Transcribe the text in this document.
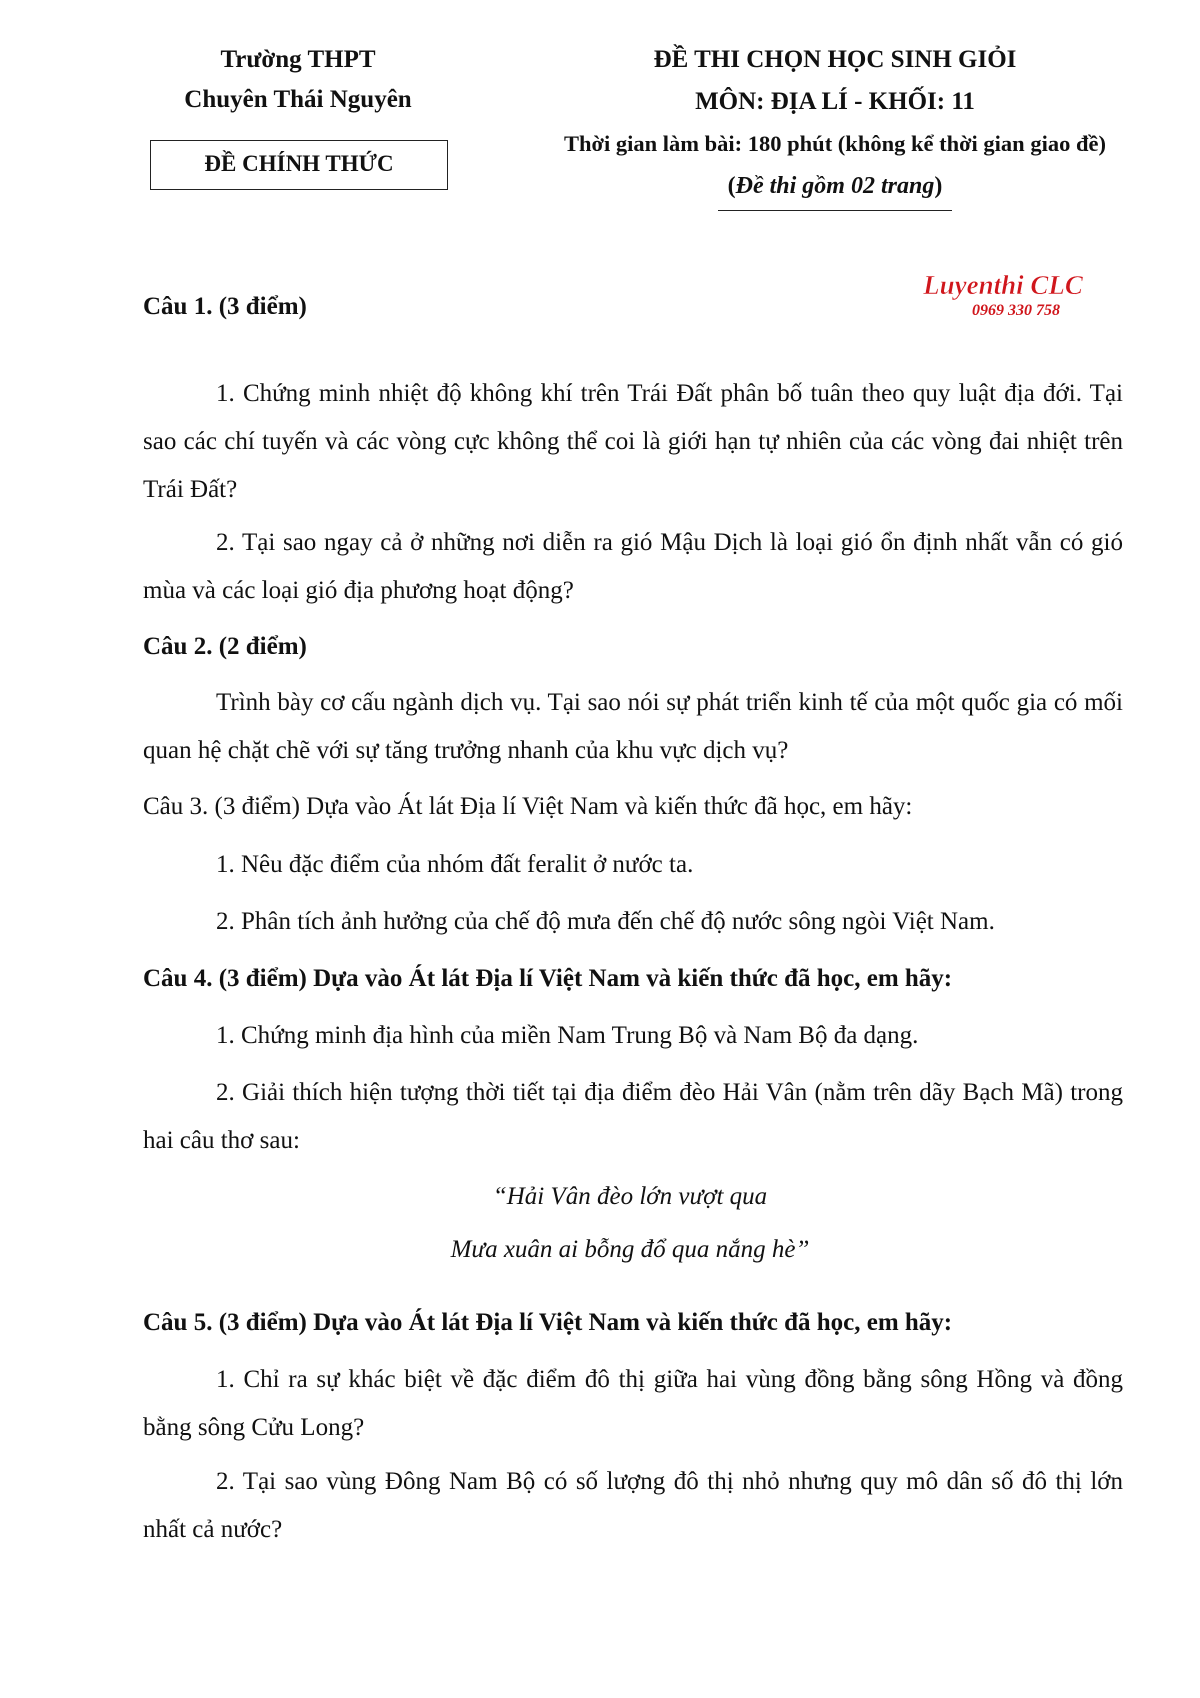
Trường THPT
Chuyên Thái Nguyên
ĐỀ CHÍNH THỨC
ĐỀ THI CHỌN HỌC SINH GIỎI
MÔN: ĐỊA LÍ - KHỐI: 11
Thời gian làm bài: 180 phút (không kể thời gian giao đề)
(Đề thi gồm 02 trang)
Luyenthi CLC
0969 330 758
Câu 1. (3 điểm)
1. Chứng minh nhiệt độ không khí trên Trái Đất phân bố tuân theo quy luật địa đới. Tại sao các chí tuyến và các vòng cực không thể coi là giới hạn tự nhiên của các vòng đai nhiệt trên Trái Đất?
2. Tại sao ngay cả ở những nơi diễn ra gió Mậu Dịch là loại gió ổn định nhất vẫn có gió mùa và các loại gió địa phương hoạt động?
Câu 2. (2 điểm)
Trình bày cơ cấu ngành dịch vụ. Tại sao nói sự phát triển kinh tế của một quốc gia có mối quan hệ chặt chẽ với sự tăng trưởng nhanh của khu vực dịch vụ?
Câu 3. (3 điểm) Dựa vào Át lát Địa lí Việt Nam và kiến thức đã học, em hãy:
1. Nêu đặc điểm của nhóm đất feralit ở nước ta.
2. Phân tích ảnh hưởng của chế độ mưa đến chế độ nước sông ngòi Việt Nam.
Câu 4. (3 điểm) Dựa vào Át lát Địa lí Việt Nam và kiến thức đã học, em hãy:
1. Chứng minh địa hình của miền Nam Trung Bộ và Nam Bộ đa dạng.
2. Giải thích hiện tượng thời tiết tại địa điểm đèo Hải Vân (nằm trên dãy Bạch Mã) trong hai câu thơ sau:
“Hải Vân đèo lớn vượt qua
Mưa xuân ai bỗng đổ qua nắng hè”
Câu 5. (3 điểm) Dựa vào Át lát Địa lí Việt Nam và kiến thức đã học, em hãy:
1. Chỉ ra sự khác biệt về đặc điểm đô thị giữa hai vùng đồng bằng sông Hồng và đồng bằng sông Cửu Long?
2. Tại sao vùng Đông Nam Bộ có số lượng đô thị nhỏ nhưng quy mô dân số đô thị lớn nhất cả nước?
